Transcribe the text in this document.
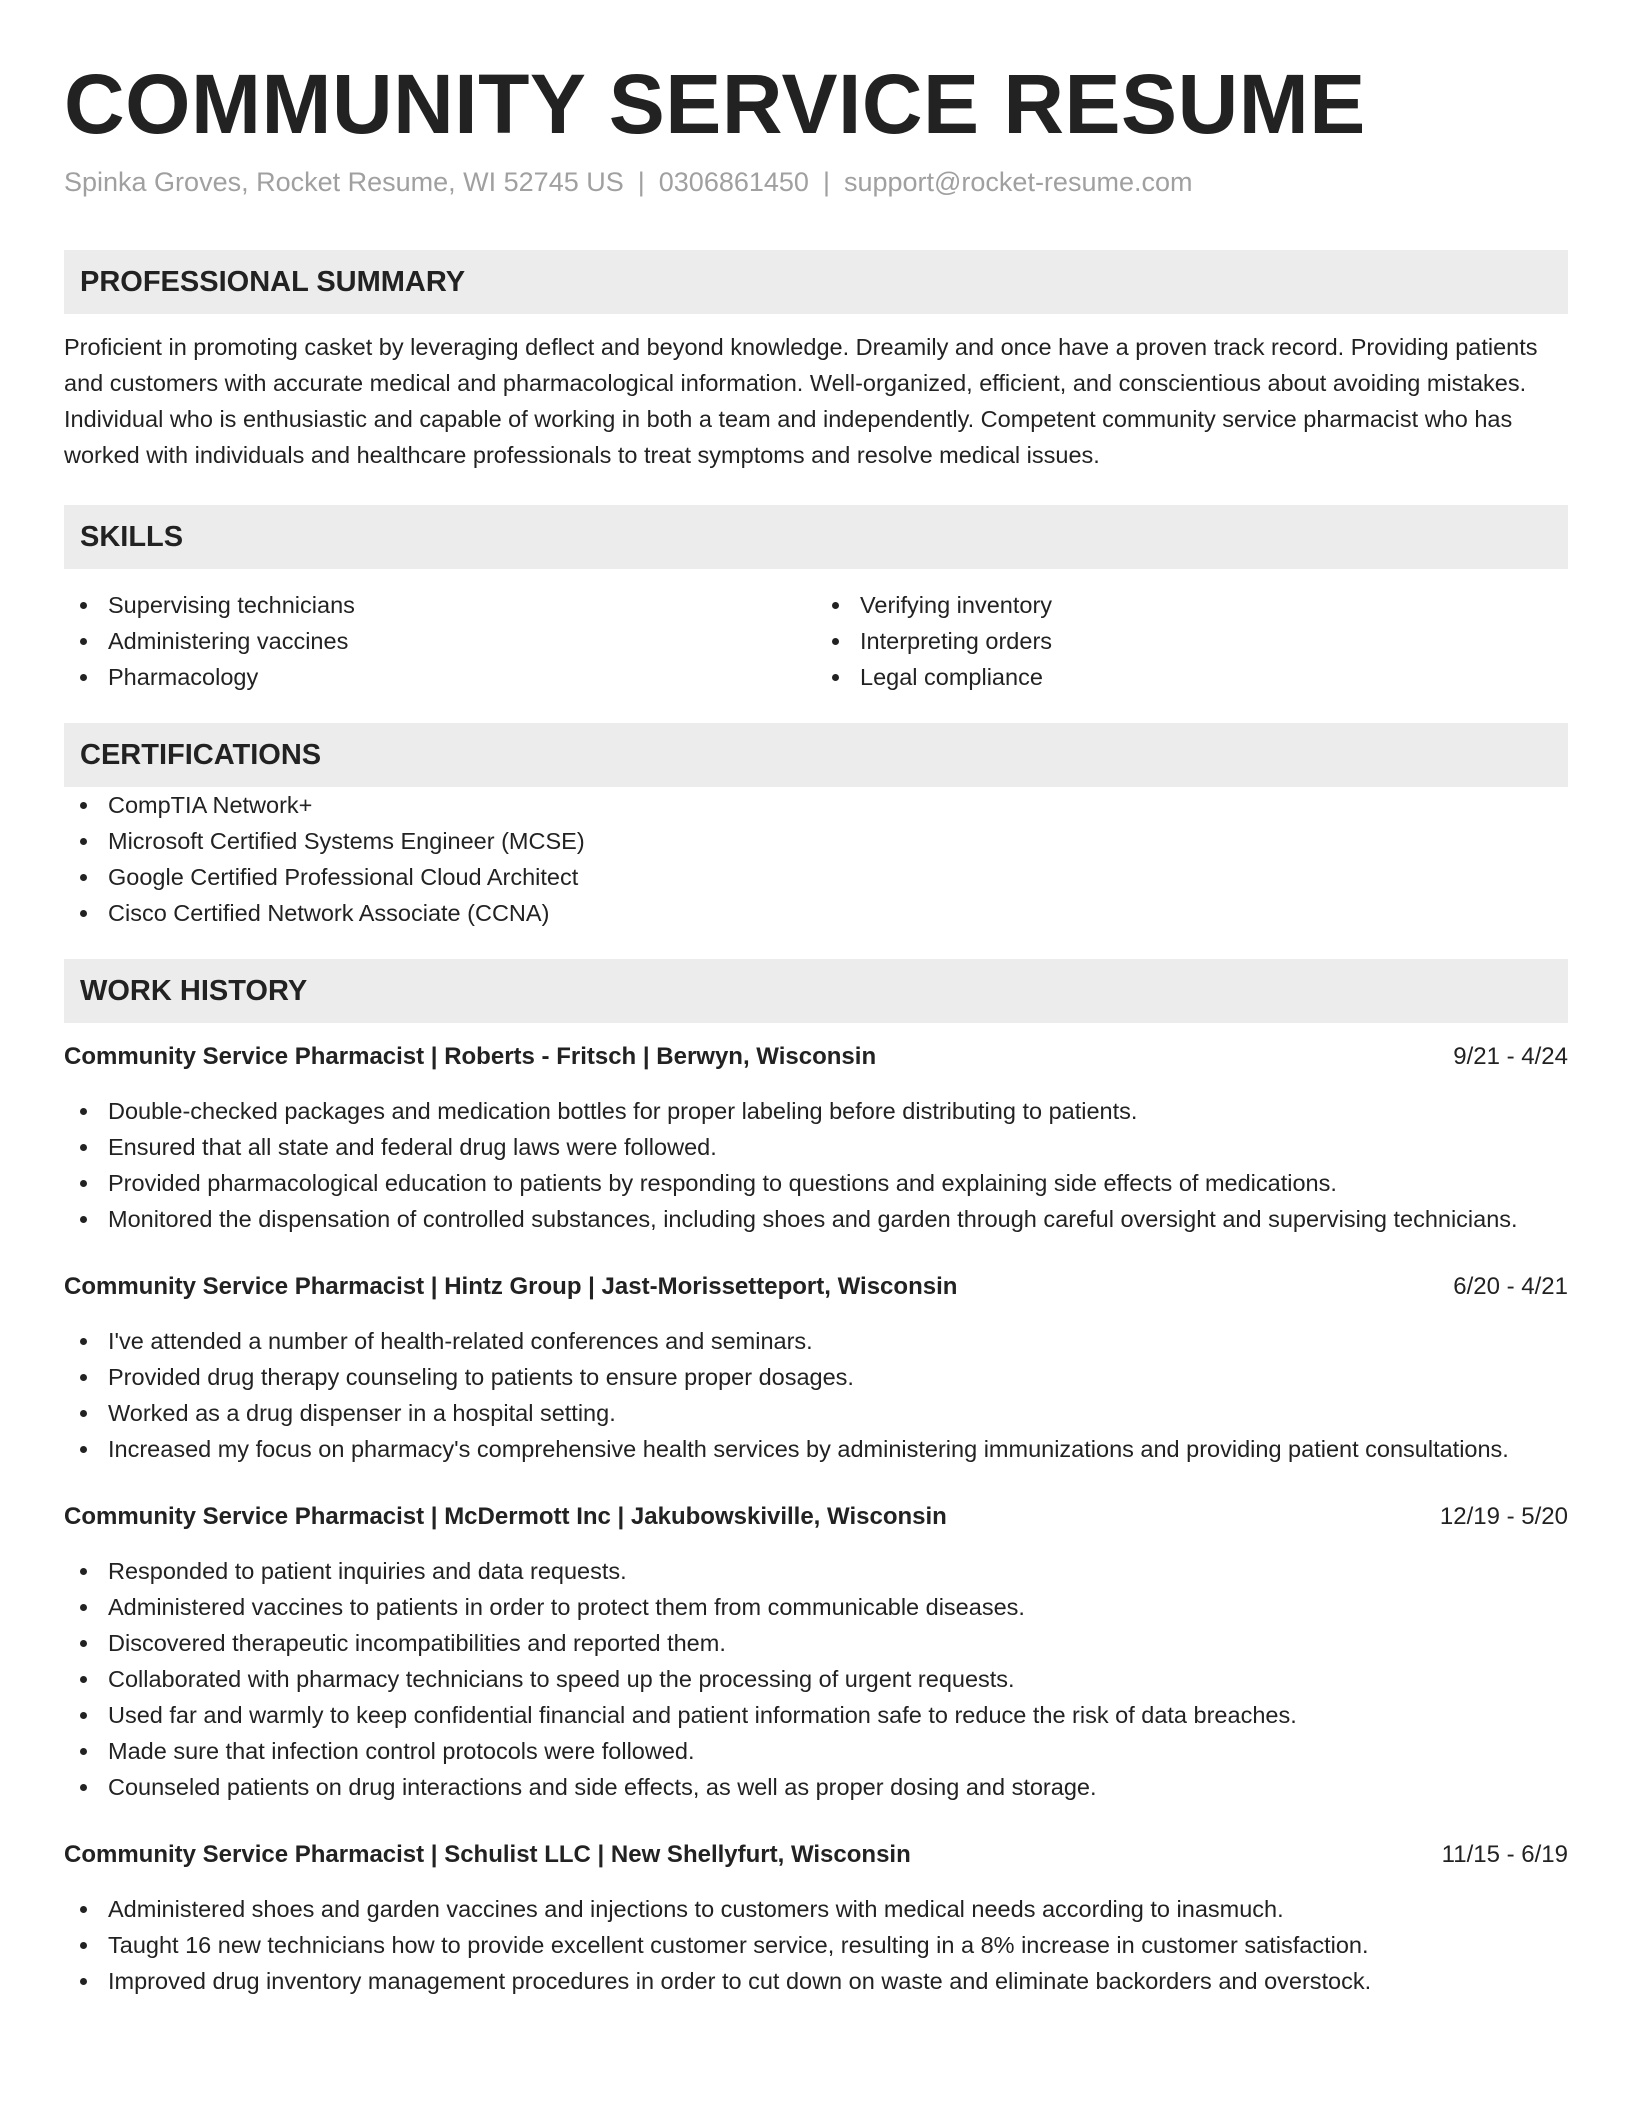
COMMUNITY SERVICE RESUME
Spinka Groves, Rocket Resume, WI 52745 US | 0306861450 | support@rocket-resume.com
PROFESSIONAL SUMMARY

Proficient in promoting casket by leveraging deflect and beyond knowledge. Dreamily and once have a proven track record. Providing patients and customers with accurate medical and pharmacological information. Well-organized, efficient, and conscientious about avoiding mistakes. Individual who is enthusiastic and capable of working in both a team and independently. Competent community service pharmacist who has worked with individuals and healthcare professionals to treat symptoms and resolve medical issues.

SKILLS
Supervising technicians
Administering vaccines
Pharmacology
Verifying inventory
Interpreting orders
Legal compliance
CERTIFICATIONS
CompTIA Network+
Microsoft Certified Systems Engineer (MCSE)
Google Certified Professional Cloud Architect
Cisco Certified Network Associate (CCNA)
WORK HISTORY
Community Service Pharmacist | Roberts - Fritsch | Berwyn, Wisconsin	9/21 - 4/24
Double-checked packages and medication bottles for proper labeling before distributing to patients.
Ensured that all state and federal drug laws were followed.
Provided pharmacological education to patients by responding to questions and explaining side effects of medications.
Monitored the dispensation of controlled substances, including shoes and garden through careful oversight and supervising technicians.
Community Service Pharmacist | Hintz Group | Jast-Morissetteport, Wisconsin	6/20 - 4/21
I've attended a number of health-related conferences and seminars.
Provided drug therapy counseling to patients to ensure proper dosages.
Worked as a drug dispenser in a hospital setting.
Increased my focus on pharmacy's comprehensive health services by administering immunizations and providing patient consultations.
Community Service Pharmacist | McDermott Inc | Jakubowskiville, Wisconsin	12/19 - 5/20
Responded to patient inquiries and data requests.
Administered vaccines to patients in order to protect them from communicable diseases.
Discovered therapeutic incompatibilities and reported them.
Collaborated with pharmacy technicians to speed up the processing of urgent requests.
Used far and warmly to keep confidential financial and patient information safe to reduce the risk of data breaches.
Made sure that infection control protocols were followed.
Counseled patients on drug interactions and side effects, as well as proper dosing and storage.
Community Service Pharmacist | Schulist LLC | New Shellyfurt, Wisconsin	11/15 - 6/19
Administered shoes and garden vaccines and injections to customers with medical needs according to inasmuch.
Taught 16 new technicians how to provide excellent customer service, resulting in a 8% increase in customer satisfaction.
Improved drug inventory management procedures in order to cut down on waste and eliminate backorders and overstock.
